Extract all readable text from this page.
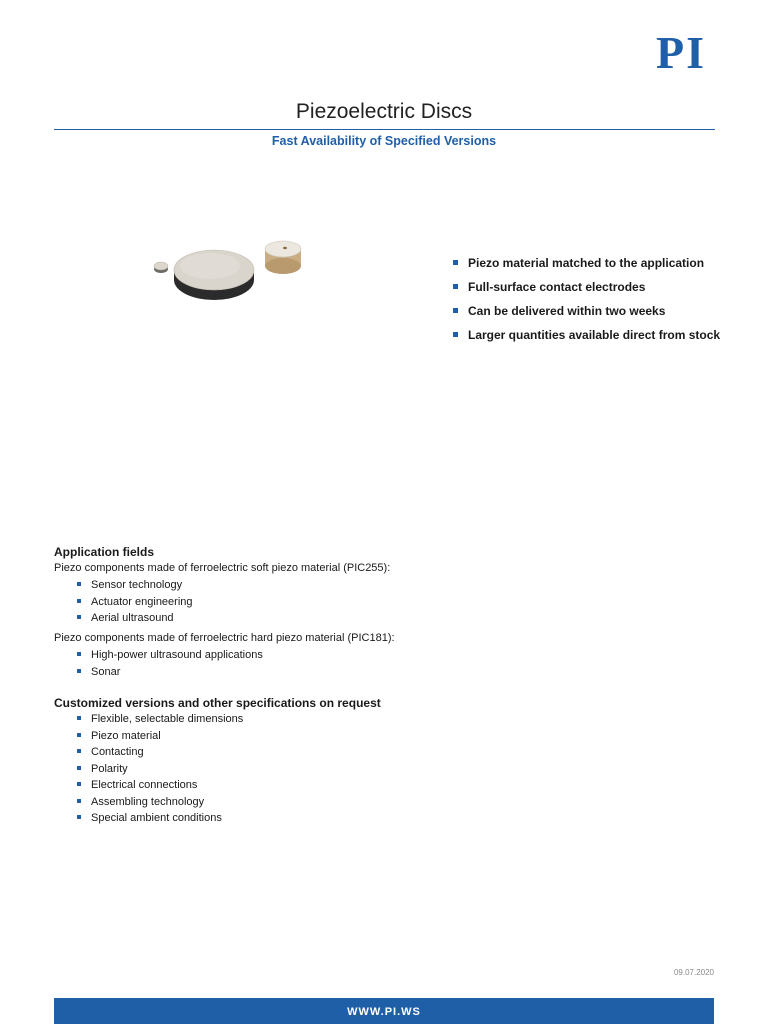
PI
Piezoelectric Discs
Fast Availability of Specified Versions
Piezo material matched to the application
Full-surface contact electrodes
Can be delivered within two weeks
Larger quantities available direct from stock
Application fields
Piezo components made of ferroelectric soft piezo material (PIC255):
Sensor technology
Actuator engineering
Aerial ultrasound
Piezo components made of ferroelectric hard piezo material (PIC181):
High-power ultrasound applications
Sonar
Customized versions and other specifications on request
Flexible, selectable dimensions
Piezo material
Contacting
Polarity
Electrical connections
Assembling technology
Special ambient conditions
09.07.2020
WWW.PI.WS
